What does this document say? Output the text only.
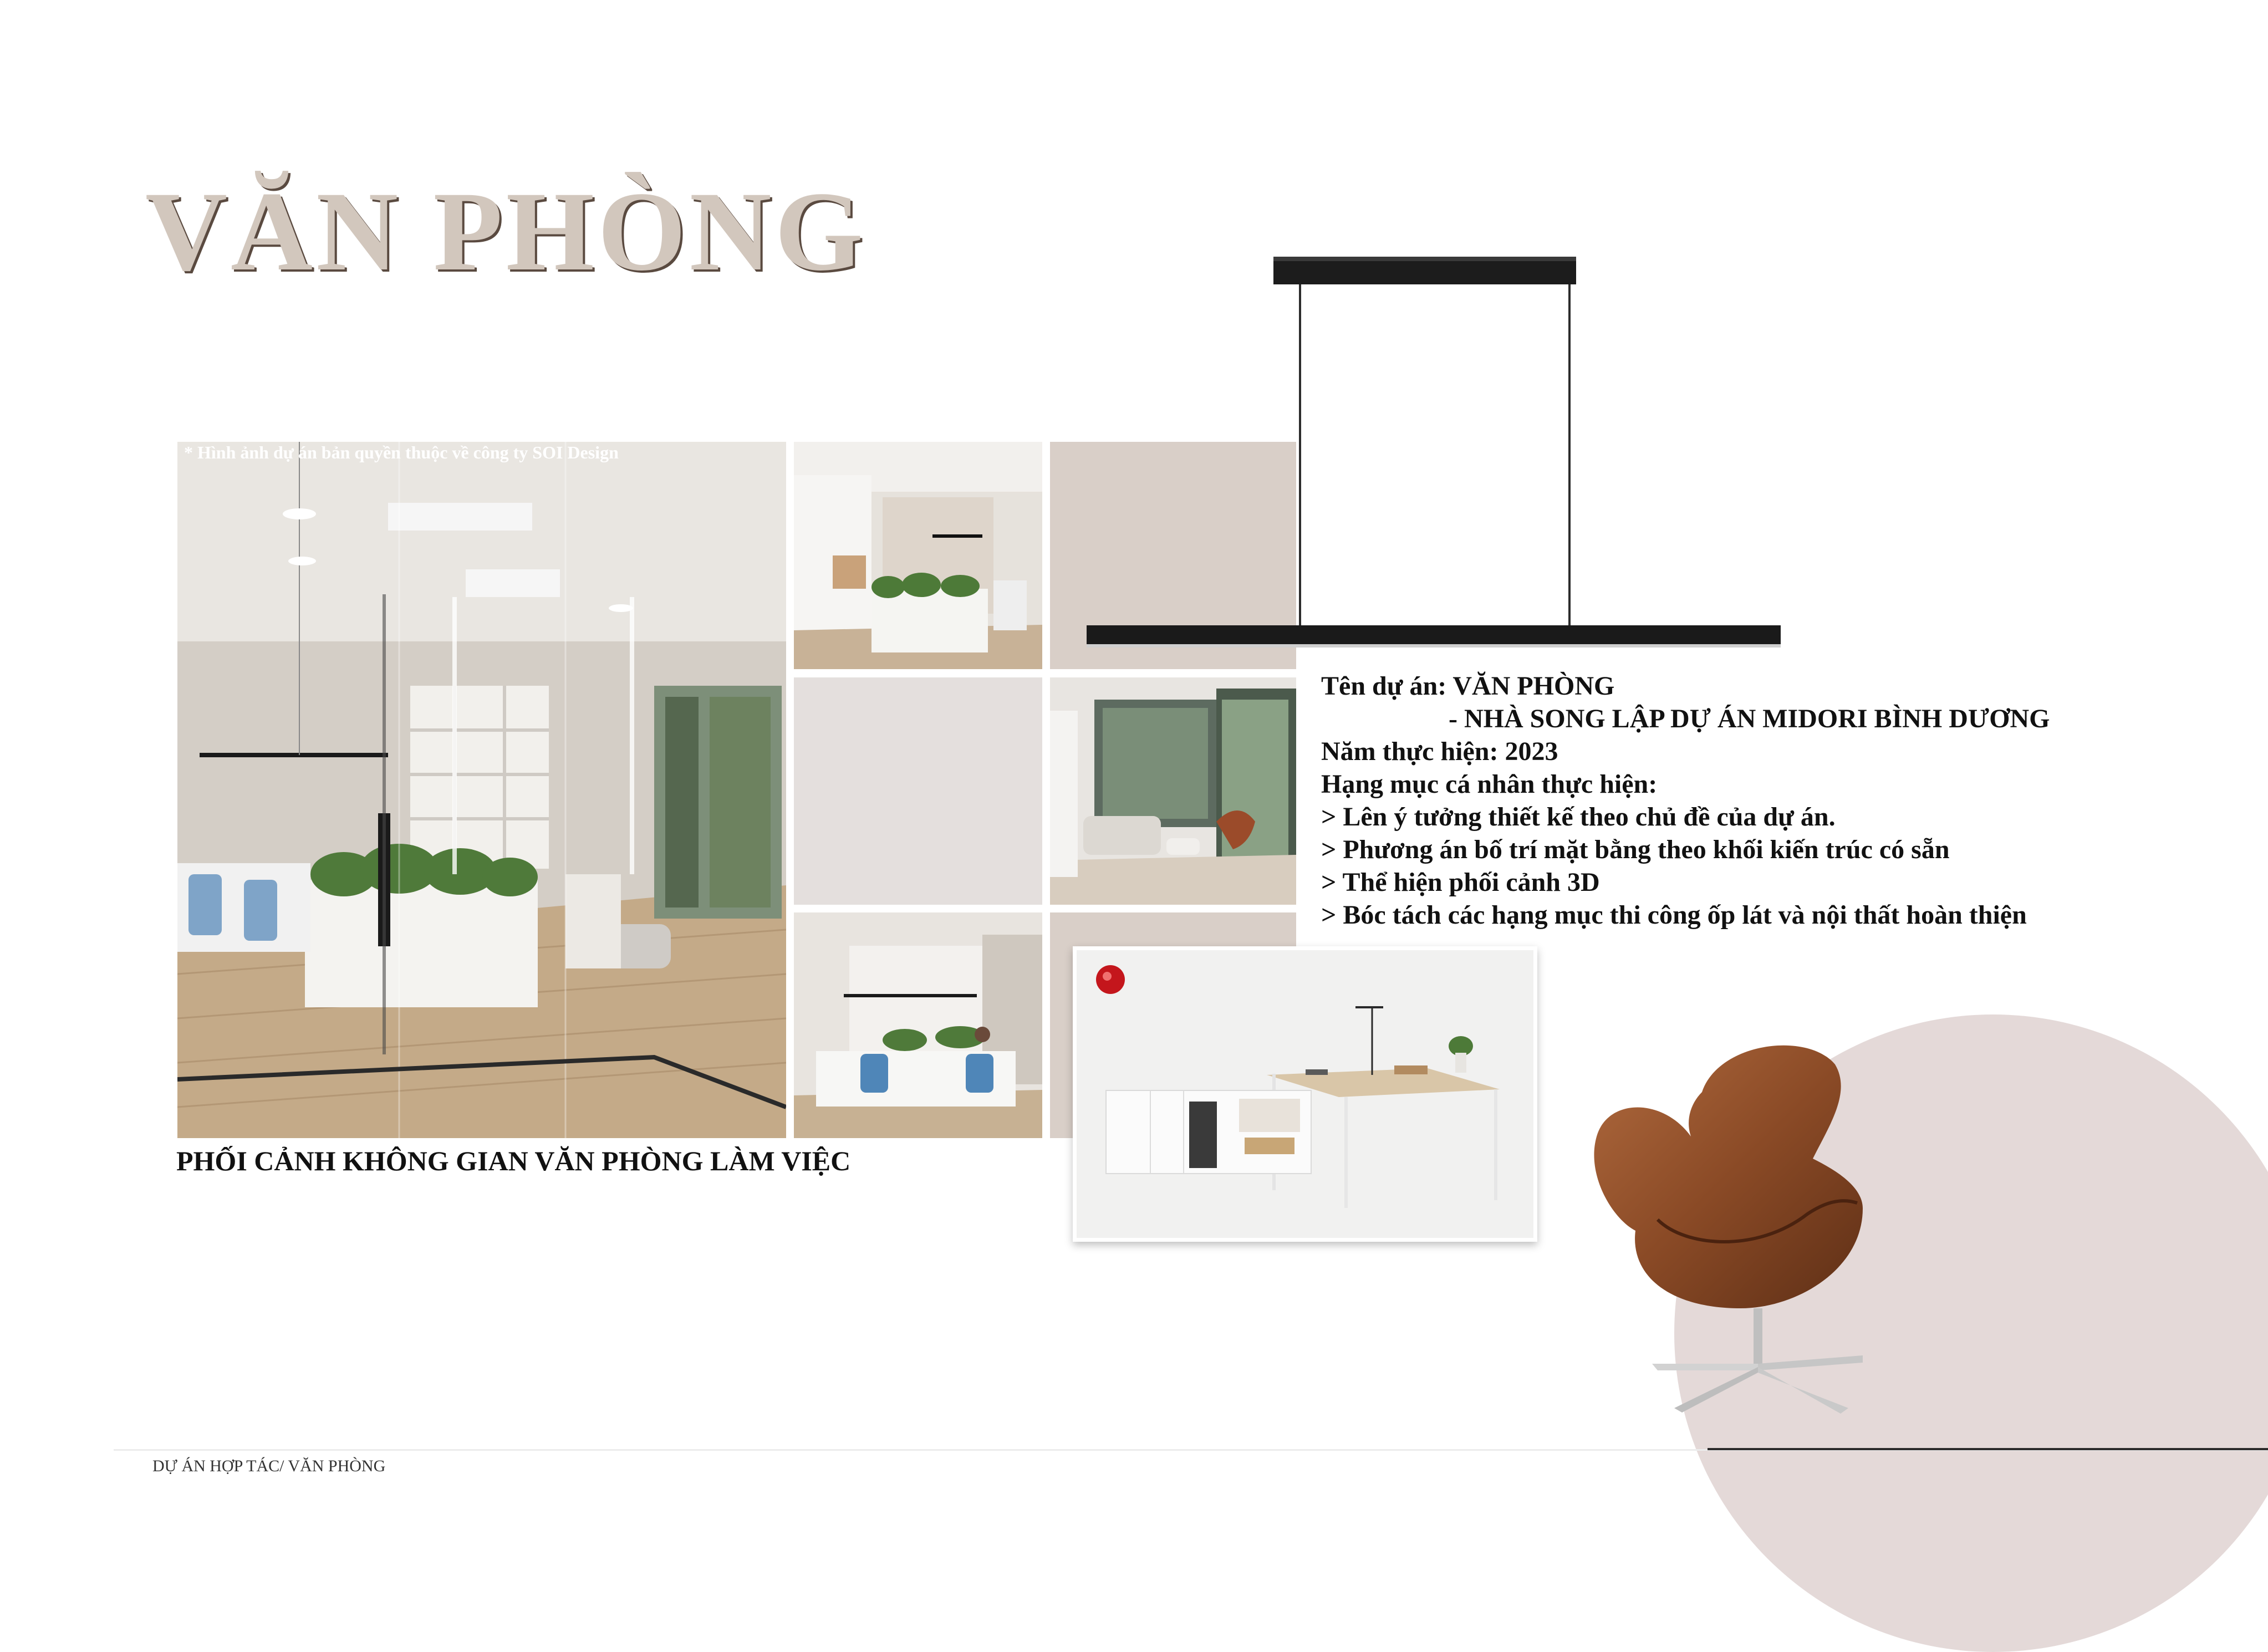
VĂN PHÒNG
* Hình ảnh dự án bản quyền thuộc về công ty SOI Design
Tên dự án: VĂN PHÒNG
- NHÀ SONG LẬP DỰ ÁN MIDORI BÌNH DƯƠNG
Năm thực hiện: 2023
Hạng mục cá nhân thực hiện:
> Lên ý tưởng thiết kế theo chủ đề của dự án.
> Phương án bố trí mặt bằng theo khối kiến trúc có sẵn
> Thể hiện phối cảnh 3D
> Bóc tách các hạng mục thi công ốp lát và nội thất hoàn thiện
PHỐI CẢNH KHÔNG GIAN VĂN PHÒNG LÀM VIỆC
DỰ ÁN HỢP TÁC/ VĂN PHÒNG
